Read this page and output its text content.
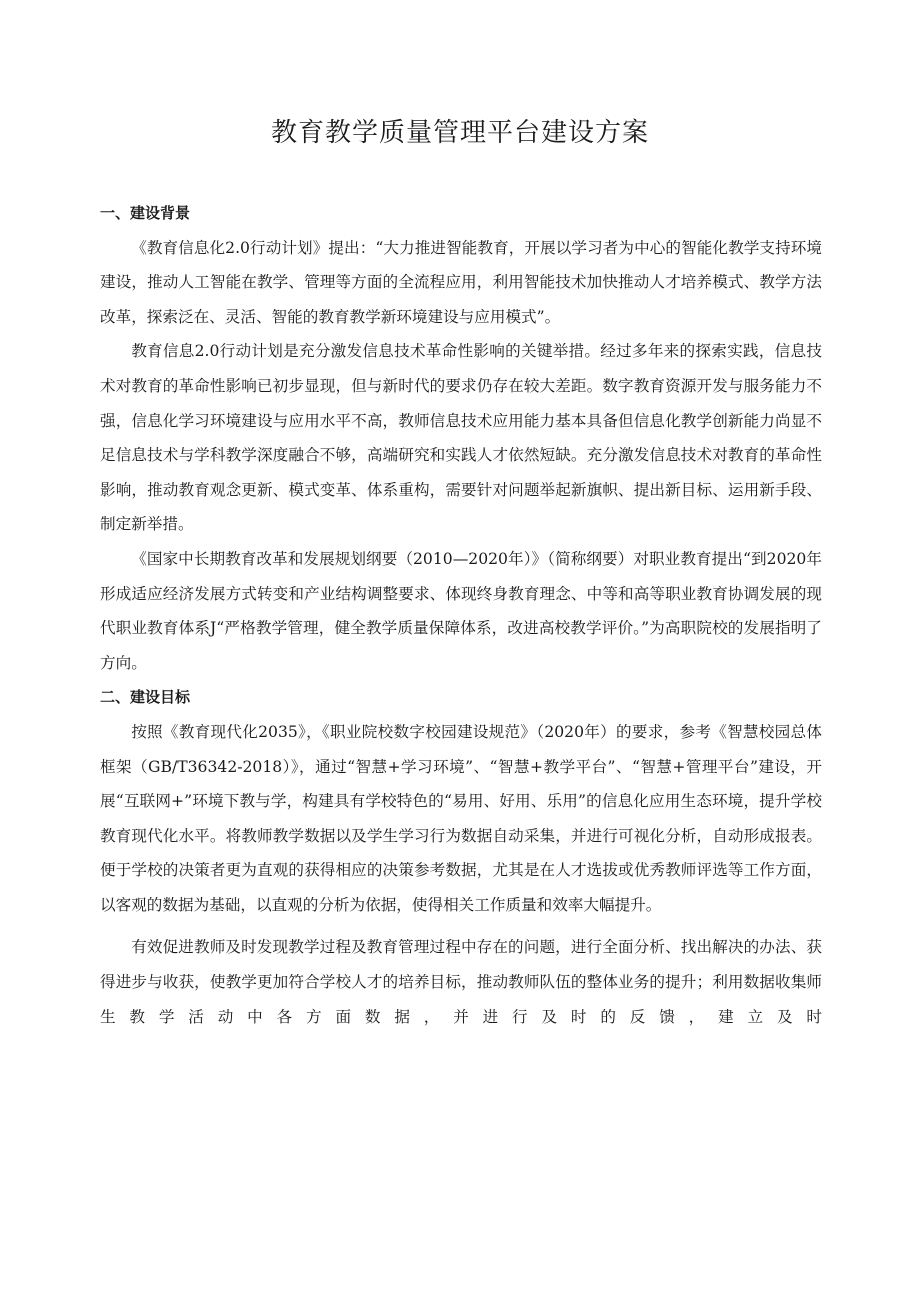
教育教学质量管理平台建设方案
一、建设背景

《教育信息化2.0行动计划》提出：“大力推进智能教育，开展以学习者为中心的智能化教学支持环境建设，推动人工智能在教学、管理等方面的全流程应用，利用智能技术加快推动人才培养模式、教学方法改革，探索泛在、灵活、智能的教育教学新环境建设与应用模式”。

教育信息2.0行动计划是充分激发信息技术革命性影响的关键举措。经过多年来的探索实践，信息技术对教育的革命性影响已初步显现，但与新时代的要求仍存在较大差距。数字教育资源开发与服务能力不强，信息化学习环境建设与应用水平不高，教师信息技术应用能力基本具备但信息化教学创新能力尚显不足信息技术与学科教学深度融合不够，高端研究和实践人才依然短缺。充分激发信息技术对教育的革命性影响，推动教育观念更新、模式变革、体系重构，需要针对问题举起新旗帜、提出新目标、运用新手段、制定新举措。

《国家中长期教育改革和发展规划纲要（2010—2020年）》（简称纲要）对职业教育提出“到2020年形成适应经济发展方式转变和产业结构调整要求、体现终身教育理念、中等和高等职业教育协调发展的现代职业教育体系J“严格教学管理，健全教学质量保障体系，改进高校教学评价。”为高职院校的发展指明了方向。

二、建设目标

按照《教育现代化2035》，《职业院校数字校园建设规范》（2020年）的要求，参考《智慧校园总体框架（GB/T36342-2018）》，通过“智慧+学习环境”、“智慧+教学平台”、“智慧+管理平台”建设，开展“互联网+”环境下教与学，构建具有学校特色的“易用、好用、乐用”的信息化应用生态环境，提升学校教育现代化水平。将教师教学数据以及学生学习行为数据自动采集，并进行可视化分析，自动形成报表。便于学校的决策者更为直观的获得相应的决策参考数据，尤其是在人才选拔或优秀教师评选等工作方面，以客观的数据为基础，以直观的分析为依据，使得相关工作质量和效率大幅提升。

有效促进教师及时发现教学过程及教育管理过程中存在的问题，进行全面分析、找出解决的办法、获得进步与收获，使教学更加符合学校人才的培养目标，推动教师队伍的整体业务的提升；利用数据收集师生教学活动中各方面数据，并进行及时的反馈，建立及时
